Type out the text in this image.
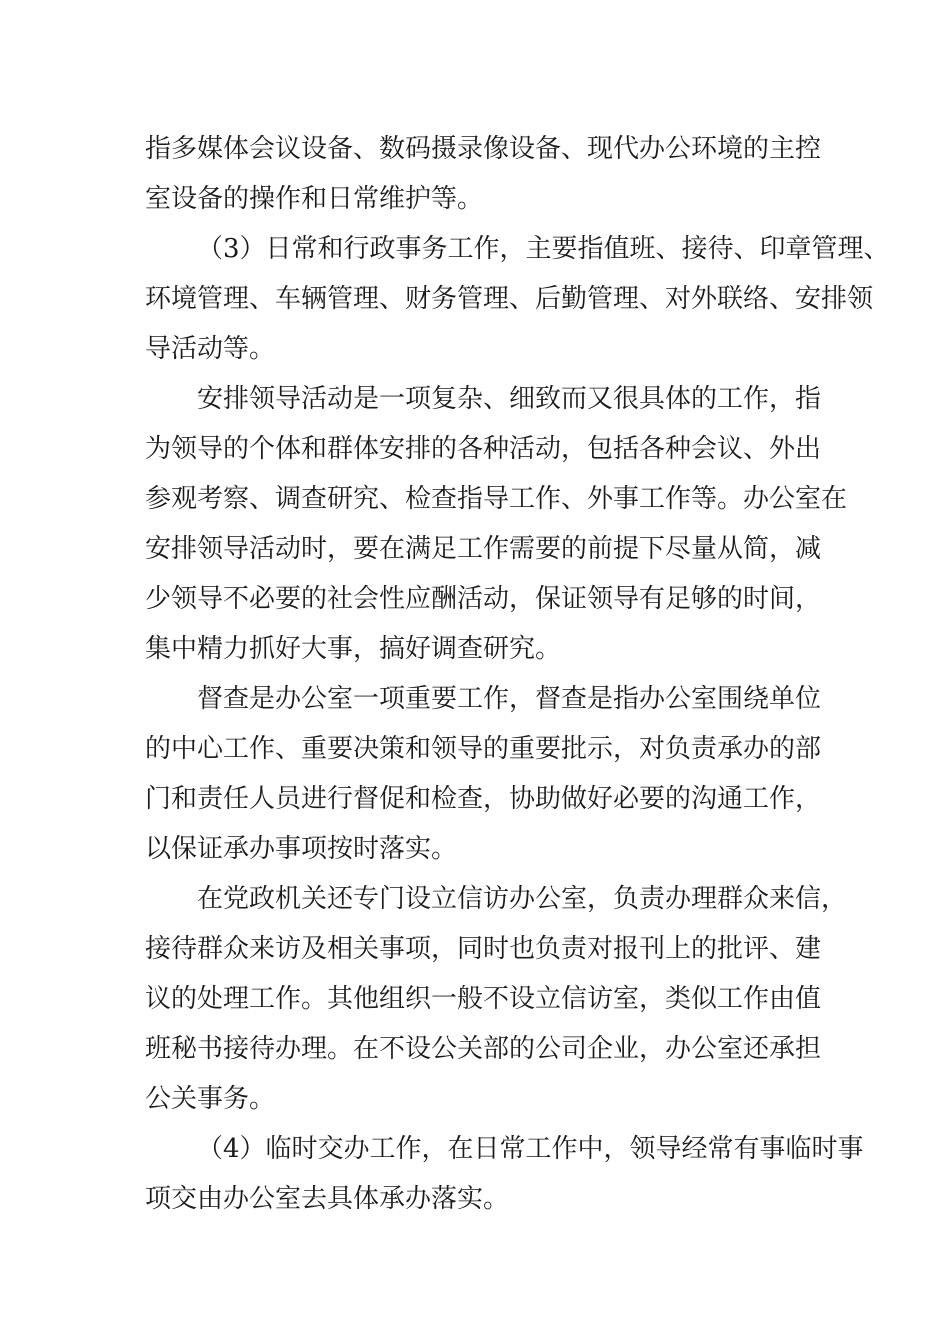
指多媒体会议设备、数码摄录像设备、现代办公环境的主控
室设备的操作和日常维护等。
（3）日常和行政事务工作，主要指值班、接待、印章管理、
环境管理、车辆管理、财务管理、后勤管理、对外联络、安排领
导活动等。
安排领导活动是一项复杂、细致而又很具体的工作，指
为领导的个体和群体安排的各种活动，包括各种会议、外出
参观考察、调查研究、检查指导工作、外事工作等。办公室在
安排领导活动时，要在满足工作需要的前提下尽量从简，减
少领导不必要的社会性应酬活动，保证领导有足够的时间，
集中精力抓好大事，搞好调查研究。
督查是办公室一项重要工作，督查是指办公室围绕单位
的中心工作、重要决策和领导的重要批示，对负责承办的部
门和责任人员进行督促和检查，协助做好必要的沟通工作，
以保证承办事项按时落实。
在党政机关还专门设立信访办公室，负责办理群众来信，
接待群众来访及相关事项，同时也负责对报刊上的批评、建
议的处理工作。其他组织一般不设立信访室，类似工作由值
班秘书接待办理。在不设公关部的公司企业，办公室还承担
公关事务。
（4）临时交办工作，在日常工作中，领导经常有事临时事
项交由办公室去具体承办落实。
